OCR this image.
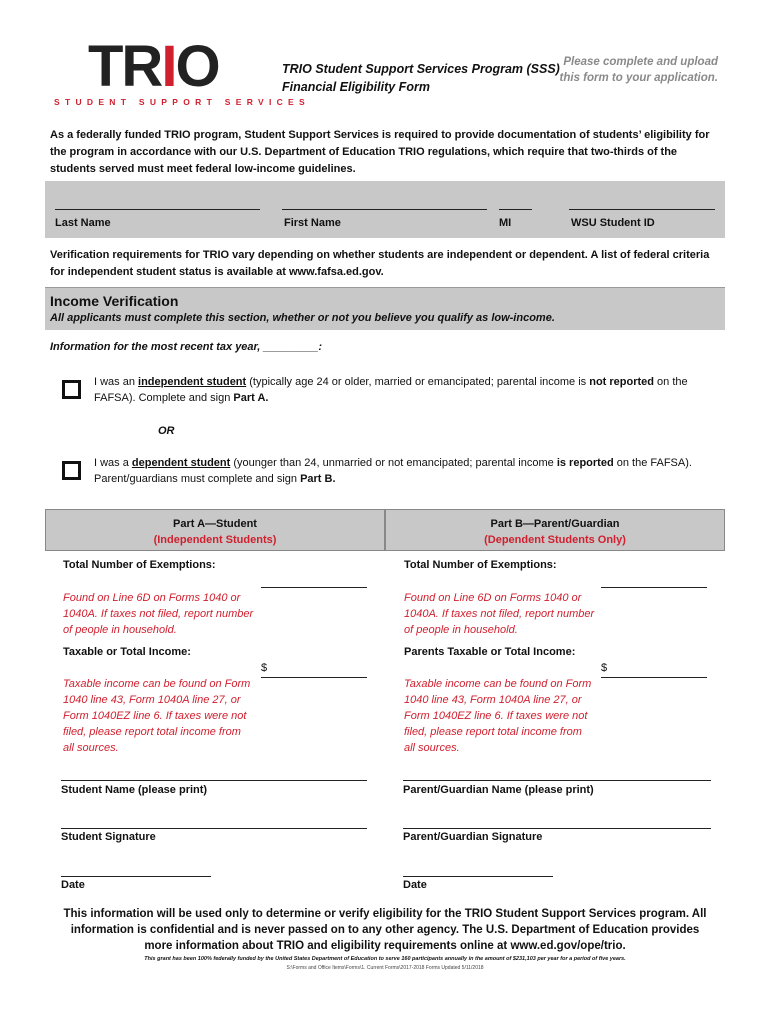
TRIO
STUDENT SUPPORT SERVICES
TRIO Student Support Services Program (SSS)
Financial Eligibility Form
Please complete and upload this form to your application.
As a federally funded TRIO program, Student Support Services is required to provide documentation of students’ eligibility for the program in accordance with our U.S. Department of Education TRIO regulations, which require that two-thirds of the students served must meet federal low-income guidelines.
Last Name	First Name	MI	WSU Student ID
Verification requirements for TRIO vary depending on whether students are independent or dependent. A list of federal criteria for independent student status is available at www.fafsa.ed.gov.
Income Verification
All applicants must complete this section, whether or not you believe you qualify as low-income.
Information for the most recent tax year, _________:
I was an independent student (typically age 24 or older, married or emancipated; parental income is not reported on the FAFSA). Complete and sign Part A.
OR
I was a dependent student (younger than 24, unmarried or not emancipated; parental income is reported on the FAFSA). Parent/guardians must complete and sign Part B.
Part A—Student
(Independent Students)
Part B—Parent/Guardian
(Dependent Students Only)
Total Number of Exemptions:
Found on Line 6D on Forms 1040 or 1040A. If taxes not filed, report number of people in household.
Taxable or Total Income:
$
Taxable income can be found on Form 1040 line 43, Form 1040A line 27, or Form 1040EZ line 6. If taxes were not filed, please report total income from all sources.
Student Name (please print)
Student Signature
Date
Total Number of Exemptions:
Found on Line 6D on Forms 1040 or 1040A. If taxes not filed, report number of people in household.
Parents Taxable or Total Income:
$
Taxable income can be found on Form 1040 line 43, Form 1040A line 27, or Form 1040EZ line 6. If taxes were not filed, please report total income from all sources.
Parent/Guardian Name (please print)
Parent/Guardian Signature
Date
This information will be used only to determine or verify eligibility for the TRIO Student Support Services program. All information is confidential and is never passed on to any other agency. The U.S. Department of Education provides more information about TRIO and eligibility requirements online at www.ed.gov/ope/trio.
This grant has been 100% federally funded by the United States Department of Education to serve 160 participants annually in the amount of $231,103 per year for a period of five years.
S:\Forms and Office Items\Forms\1. Current Forms\2017-2018 Forms Updated 5/11/2018
